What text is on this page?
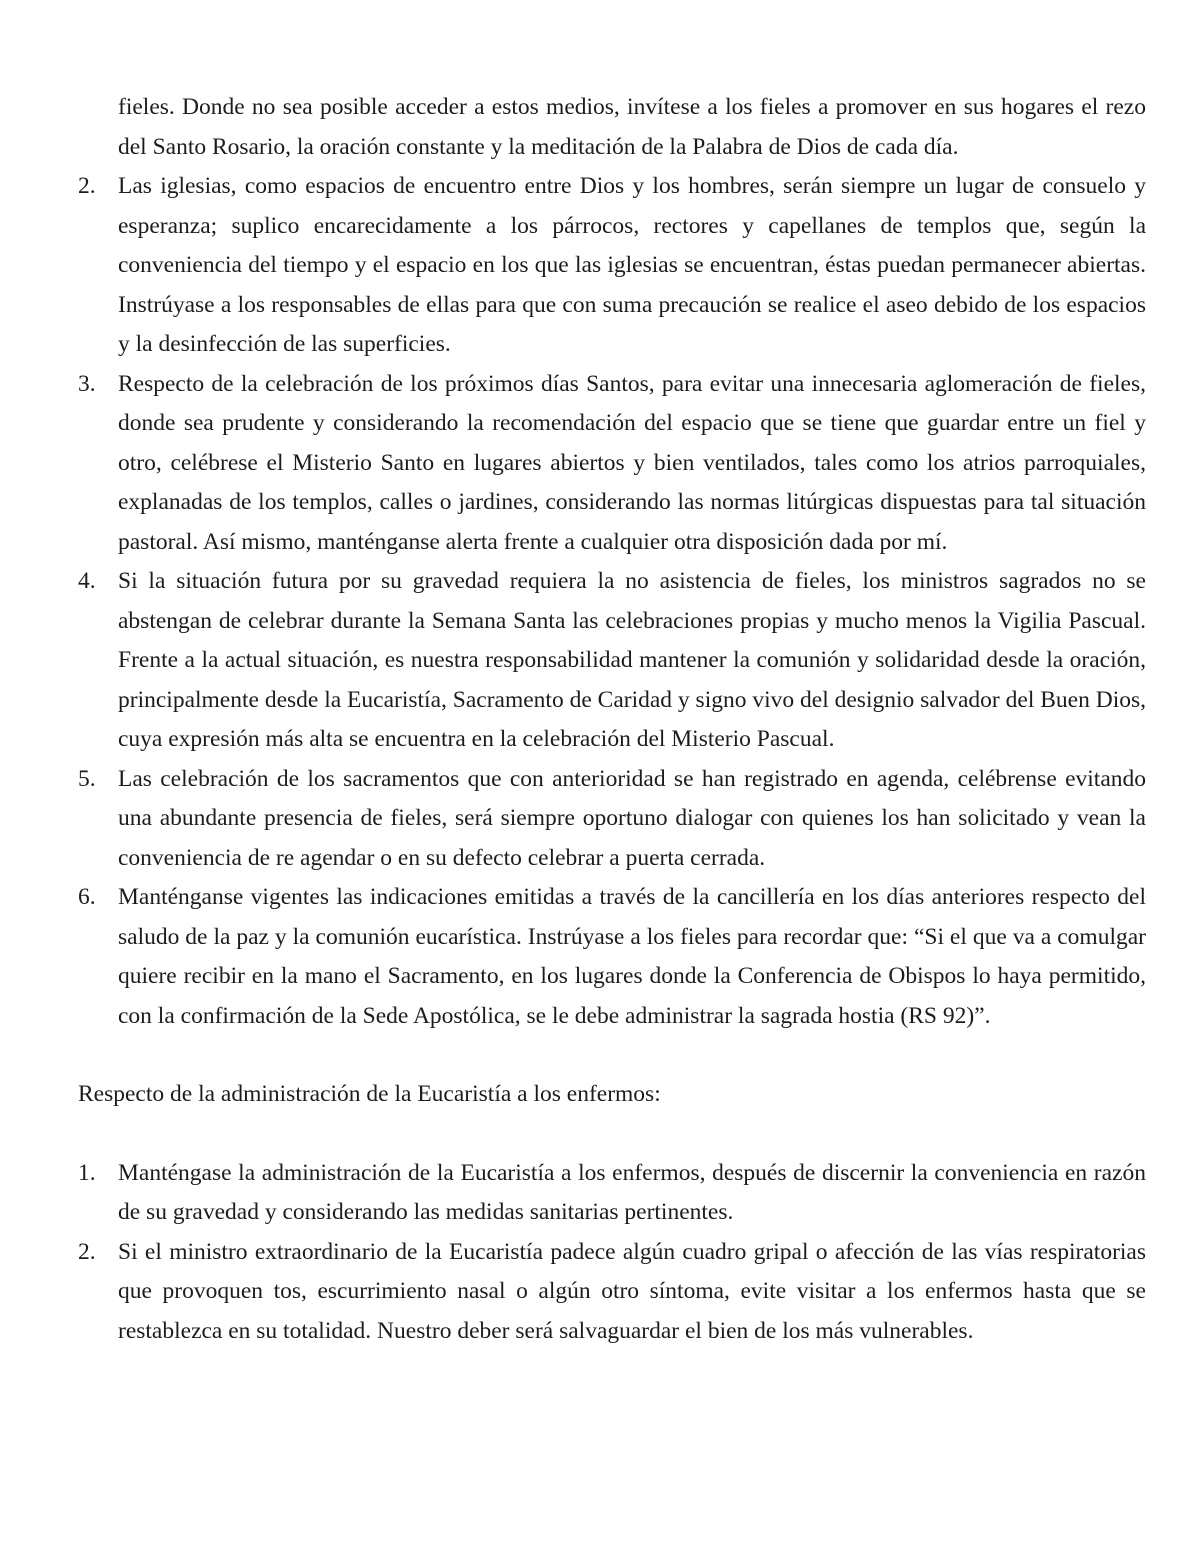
fieles. Donde no sea posible acceder a estos medios, invítese a los fieles a promover en sus hogares el rezo del Santo Rosario, la oración constante y la meditación de la Palabra de Dios de cada día.

2. Las iglesias, como espacios de encuentro entre Dios y los hombres, serán siempre un lugar de consuelo y esperanza; suplico encarecidamente a los párrocos, rectores y capellanes de templos que, según la conveniencia del tiempo y el espacio en los que las iglesias se encuentran, éstas puedan permanecer abiertas. Instrúyase a los responsables de ellas para que con suma precaución se realice el aseo debido de los espacios y la desinfección de las superficies.
3. Respecto de la celebración de los próximos días Santos, para evitar una innecesaria aglomeración de fieles, donde sea prudente y considerando la recomendación del espacio que se tiene que guardar entre un fiel y otro, celébrese el Misterio Santo en lugares abiertos y bien ventilados, tales como los atrios parroquiales, explanadas de los templos, calles o jardines, considerando las normas litúrgicas dispuestas para tal situación pastoral. Así mismo, manténganse alerta frente a cualquier otra disposición dada por mí.
4. Si la situación futura por su gravedad requiera la no asistencia de fieles, los ministros sagrados no se abstengan de celebrar durante la Semana Santa las celebraciones propias y mucho menos la Vigilia Pascual. Frente a la actual situación, es nuestra responsabilidad mantener la comunión y solidaridad desde la oración, principalmente desde la Eucaristía, Sacramento de Caridad y signo vivo del designio salvador del Buen Dios, cuya expresión más alta se encuentra en la celebración del Misterio Pascual.
5. Las celebración de los sacramentos que con anterioridad se han registrado en agenda, celébrense evitando una abundante presencia de fieles, será siempre oportuno dialogar con quienes los han solicitado y vean la conveniencia de re agendar o en su defecto celebrar a puerta cerrada.
6. Manténganse vigentes las indicaciones emitidas a través de la cancillería en los días anteriores respecto del saludo de la paz y la comunión eucarística. Instrúyase a los fieles para recordar que: “Si el que va a comulgar quiere recibir en la mano el Sacramento, en los lugares donde la Conferencia de Obispos lo haya permitido, con la confirmación de la Sede Apostólica, se le debe administrar la sagrada hostia (RS 92)”.

Respecto de la administración de la Eucaristía a los enfermos:

1. Manténgase la administración de la Eucaristía a los enfermos, después de discernir la conveniencia en razón de su gravedad y considerando las medidas sanitarias pertinentes.
2. Si el ministro extraordinario de la Eucaristía padece algún cuadro gripal o afección de las vías respiratorias que provoquen tos, escurrimiento nasal o algún otro síntoma, evite visitar a los enfermos hasta que se restablezca en su totalidad. Nuestro deber será salvaguardar el bien de los más vulnerables.
